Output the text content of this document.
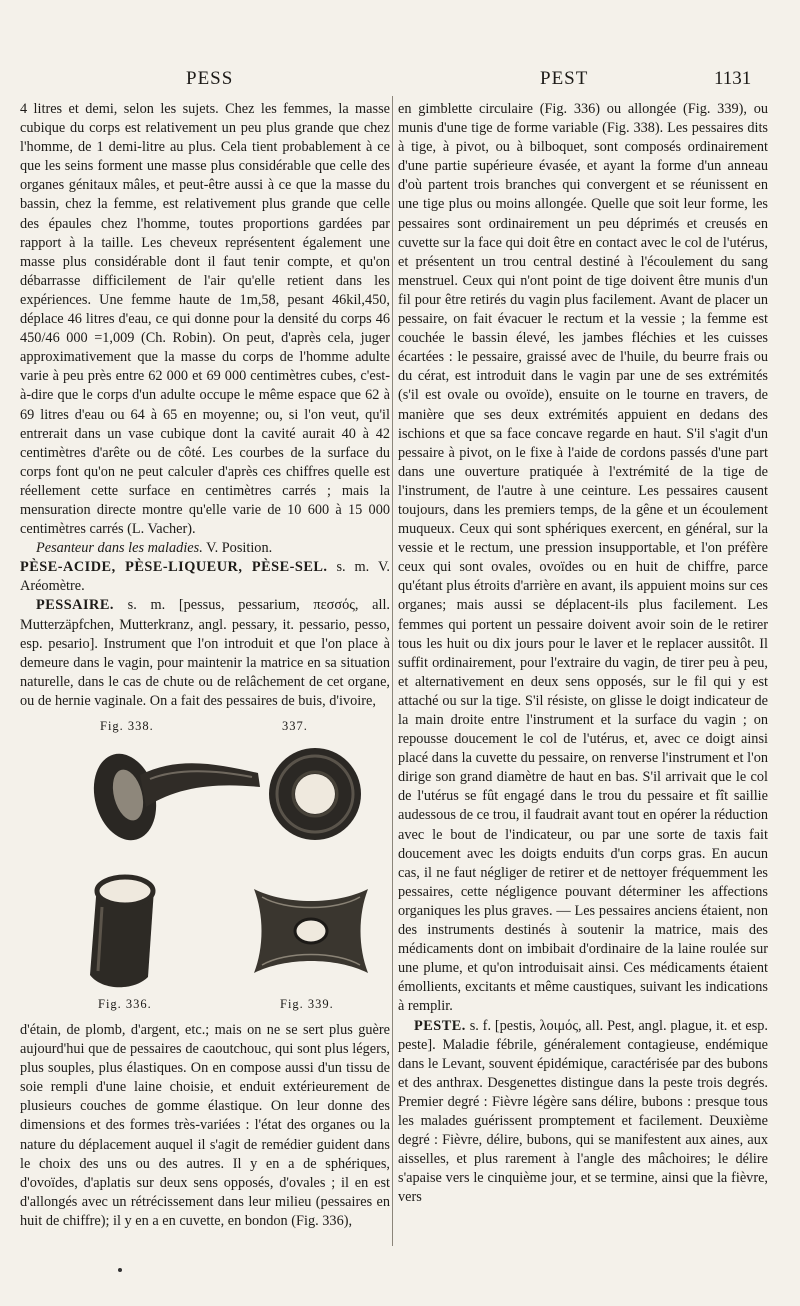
PESS	PEST	1131

4 litres et demi, selon les sujets. Chez les femmes, la masse cubique du corps est relativement un peu plus grande que chez l'homme, de 1 demi-litre au plus. Cela tient probablement à ce que les seins forment une masse plus considérable que celle des organes génitaux mâles, et peut-être aussi à ce que la masse du bassin, chez la femme, est relativement plus grande que celle des épaules chez l'homme, toutes proportions gardées par rapport à la taille. Les cheveux représentent également une masse plus considérable dont il faut tenir compte, et qu'on débarrasse difficilement de l'air qu'elle retient dans les expériences. Une femme haute de 1m,58, pesant 46kil,450, déplace 46 litres d'eau, ce qui donne pour la densité du corps 46 450/46 000 =1,009 (Ch. Robin). On peut, d'après cela, juger approximativement que la masse du corps de l'homme adulte varie à peu près entre 62 000 et 69 000 centimètres cubes, c'est-à-dire que le corps d'un adulte occupe le même espace que 62 à 69 litres d'eau ou 64 à 65 en moyenne; ou, si l'on veut, qu'il entrerait dans un vase cubique dont la cavité aurait 40 à 42 centimètres d'arête ou de côté. Les courbes de la surface du corps font qu'on ne peut calculer d'après ces chiffres quelle est réellement cette surface en centimètres carrés ; mais la mensuration directe montre qu'elle varie de 10 600 à 15 000 centimètres carrés (L. Vacher).

Pesanteur dans les maladies. V. Position.

PÈSE-ACIDE, PÈSE-LIQUEUR, PÈSE-SEL. s. m. V. Aréomètre.

PESSAIRE. s. m. [pessus, pessarium, πεσσός, all. Mutterzäpfchen, Mutterkranz, angl. pessary, it. pessario, pesso, esp. pesario]. Instrument que l'on introduit et que l'on place à demeure dans le vagin, pour maintenir la matrice en sa situation naturelle, dans le cas de chute ou de relâchement de cet organe, ou de hernie vaginale. On a fait des pessaires de buis, d'ivoire,

Fig. 338.	337.
Fig. 336.	Fig. 339.

d'étain, de plomb, d'argent, etc.; mais on ne se sert plus guère aujourd'hui que de pessaires de caoutchouc, qui sont plus légers, plus souples, plus élastiques. On en compose aussi d'un tissu de soie rempli d'une laine choisie, et enduit extérieurement de plusieurs couches de gomme élastique. On leur donne des dimensions et des formes très-variées : l'état des organes ou la nature du déplacement auquel il s'agit de remédier guident dans le choix des uns ou des autres. Il y en a de sphériques, d'ovoïdes, d'aplatis sur deux sens opposés, d'ovales ; il en est d'allongés avec un rétrécissement dans leur milieu (pessaires en huit de chiffre); il y en a en cuvette, en bondon (Fig. 336),

en gimblette circulaire (Fig. 336) ou allongée (Fig. 339), ou munis d'une tige de forme variable (Fig. 338). Les pessaires dits à tige, à pivot, ou à bilboquet, sont composés ordinairement d'une partie supérieure évasée, et ayant la forme d'un anneau d'où partent trois branches qui convergent et se réunissent en une tige plus ou moins allongée. Quelle que soit leur forme, les pessaires sont ordinairement un peu déprimés et creusés en cuvette sur la face qui doit être en contact avec le col de l'utérus, et présentent un trou central destiné à l'écoulement du sang menstruel. Ceux qui n'ont point de tige doivent être munis d'un fil pour être retirés du vagin plus facilement. Avant de placer un pessaire, on fait évacuer le rectum et la vessie ; la femme est couchée le bassin élevé, les jambes fléchies et les cuisses écartées : le pessaire, graissé avec de l'huile, du beurre frais ou du cérat, est introduit dans le vagin par une de ses extrémités (s'il est ovale ou ovoïde), ensuite on le tourne en travers, de manière que ses deux extrémités appuient en dedans des ischions et que sa face concave regarde en haut. S'il s'agit d'un pessaire à pivot, on le fixe à l'aide de cordons passés d'une part dans une ouverture pratiquée à l'extrémité de la tige de l'instrument, de l'autre à une ceinture. Les pessaires causent toujours, dans les premiers temps, de la gêne et un écoulement muqueux. Ceux qui sont sphériques exercent, en général, sur la vessie et le rectum, une pression insupportable, et l'on préfère ceux qui sont ovales, ovoïdes ou en huit de chiffre, parce qu'étant plus étroits d'arrière en avant, ils appuient moins sur ces organes; mais aussi se déplacent-ils plus facilement. Les femmes qui portent un pessaire doivent avoir soin de le retirer tous les huit ou dix jours pour le laver et le replacer aussitôt. Il suffit ordinairement, pour l'extraire du vagin, de tirer peu à peu, et alternativement en deux sens opposés, sur le fil qui y est attaché ou sur la tige. S'il résiste, on glisse le doigt indicateur de la main droite entre l'instrument et la surface du vagin ; on repousse doucement le col de l'utérus, et, avec ce doigt ainsi placé dans la cuvette du pessaire, on renverse l'instrument et l'on dirige son grand diamètre de haut en bas. S'il arrivait que le col de l'utérus se fût engagé dans le trou du pessaire et fît saillie audessous de ce trou, il faudrait avant tout en opérer la réduction avec le bout de l'indicateur, ou par une sorte de taxis fait doucement avec les doigts enduits d'un corps gras. En aucun cas, il ne faut négliger de retirer et de nettoyer fréquemment les pessaires, cette négligence pouvant déterminer les affections organiques les plus graves. — Les pessaires anciens étaient, non des instruments destinés à soutenir la matrice, mais des médicaments dont on imbibait d'ordinaire de la laine roulée sur une plume, et qu'on introduisait ainsi. Ces médicaments étaient émollients, excitants et même caustiques, suivant les indications à remplir.

PESTE. s. f. [pestis, λοιμός, all. Pest, angl. plague, it. et esp. peste]. Maladie fébrile, généralement contagieuse, endémique dans le Levant, souvent épidémique, caractérisée par des bubons et des anthrax. Desgenettes distingue dans la peste trois degrés. Premier degré : Fièvre légère sans délire, bubons : presque tous les malades guérissent promptement et facilement. Deuxième degré : Fièvre, délire, bubons, qui se manifestent aux aines, aux aisselles, et plus rarement à l'angle des mâchoires; le délire s'apaise vers le cinquième jour, et se termine, ainsi que la fièvre, vers
